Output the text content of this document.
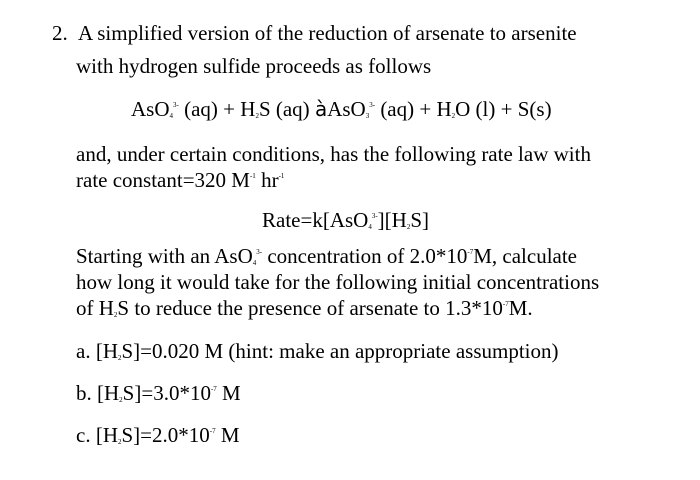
2. A simplified version of the reduction of arsenate to arsenite
with hydrogen sulfide proceeds as follows
AsO$_4^{3-}$ $(aq) + H_2S$ (aq) àAsO$_3^{3-}$ $(aq) + H_2O$ (l) + S(s)
and, under certain conditions, has the following rate law with
rate constant=320 $M^{-1}$ $hr^{-1}$
$Rate=k[AsO_4^{3-}][H_2S]$
Starting with an AsO$_4^{3-}$ concentration of $2.0*10^{-7}M$, calculate
how long it would take for the following initial concentrations
of $H_2S$ to reduce the presence of arsenate to $1.3*10^{-7}M$.
a. $[H_2S]=0.020$ M (hint: make an appropriate assumption)
b. $[H_2S]=3.0*10^{-7}$ M
c. $[H_2S]=2.0*10^{-7}$ M
